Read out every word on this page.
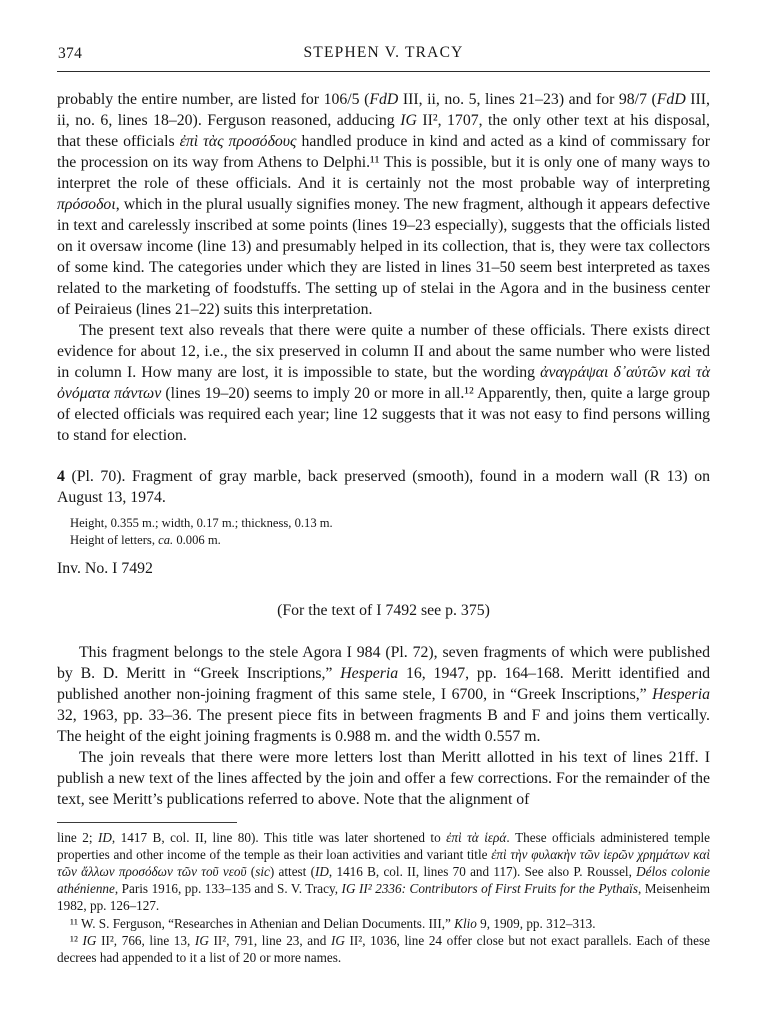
374	STEPHEN V. TRACY

probably the entire number, are listed for 106/5 (FdD III, ii, no. 5, lines 21–23) and for 98/7 (FdD III, ii, no. 6, lines 18–20). Ferguson reasoned, adducing IG II², 1707, the only other text at his disposal, that these officials ἐπὶ τὰς προσόδους handled produce in kind and acted as a kind of commissary for the procession on its way from Athens to Delphi.¹¹ This is possible, but it is only one of many ways to interpret the role of these officials. And it is certainly not the most probable way of interpreting πρόσοδοι, which in the plural usually signifies money. The new fragment, although it appears defective in text and carelessly inscribed at some points (lines 19–23 especially), suggests that the officials listed on it oversaw income (line 13) and presumably helped in its collection, that is, they were tax collectors of some kind. The categories under which they are listed in lines 31–50 seem best interpreted as taxes related to the marketing of foodstuffs. The setting up of stelai in the Agora and in the business center of Peiraieus (lines 21–22) suits this interpretation.

The present text also reveals that there were quite a number of these officials. There exists direct evidence for about 12, i.e., the six preserved in column II and about the same number who were listed in column I. How many are lost, it is impossible to state, but the wording ἀναγράψαι δ᾽αὑτῶν καὶ τὰ ὀνόματα πάντων (lines 19–20) seems to imply 20 or more in all.¹² Apparently, then, quite a large group of elected officials was required each year; line 12 suggests that it was not easy to find persons willing to stand for election.

4 (Pl. 70). Fragment of gray marble, back preserved (smooth), found in a modern wall (R 13) on August 13, 1974.

Height, 0.355 m.; width, 0.17 m.; thickness, 0.13 m.

Height of letters, ca. 0.006 m.

Inv. No. I 7492

(For the text of I 7492 see p. 375)

This fragment belongs to the stele Agora I 984 (Pl. 72), seven fragments of which were published by B. D. Meritt in “Greek Inscriptions,” Hesperia 16, 1947, pp. 164–168. Meritt identified and published another non-joining fragment of this same stele, I 6700, in “Greek Inscriptions,” Hesperia 32, 1963, pp. 33–36. The present piece fits in between fragments B and F and joins them vertically. The height of the eight joining fragments is 0.988 m. and the width 0.557 m.

The join reveals that there were more letters lost than Meritt allotted in his text of lines 21ff. I publish a new text of the lines affected by the join and offer a few corrections. For the remainder of the text, see Meritt’s publications referred to above. Note that the alignment of

line 2; ID, 1417 B, col. II, line 80). This title was later shortened to ἐπὶ τὰ ἱερά. These officials administered temple properties and other income of the temple as their loan activities and variant title ἐπὶ τὴν φυλακὴν τῶν ἱερῶν χρημάτων καὶ τῶν ἄλλων προσόδων τῶν τοῦ νεοῦ (sic) attest (ID, 1416 B, col. II, lines 70 and 117). See also P. Roussel, Délos colonie athénienne, Paris 1916, pp. 133–135 and S. V. Tracy, IG II² 2336: Contributors of First Fruits for the Pythaïs, Meisenheim 1982, pp. 126–127.

¹¹ W. S. Ferguson, “Researches in Athenian and Delian Documents. III,” Klio 9, 1909, pp. 312–313.

¹² IG II², 766, line 13, IG II², 791, line 23, and IG II², 1036, line 24 offer close but not exact parallels. Each of these decrees had appended to it a list of 20 or more names.
